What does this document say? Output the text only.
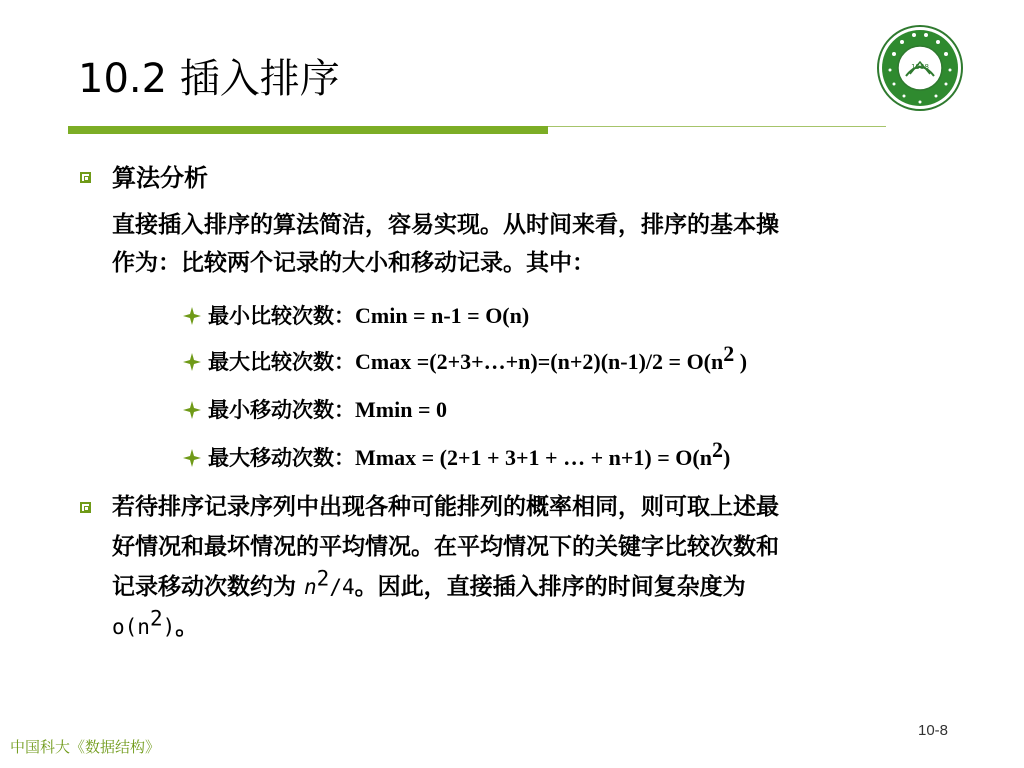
10.2 插入排序	1958
算法分析
直接插入排序的算法简洁，容易实现。从时间来看，排序的基本操
作为：比较两个记录的大小和移动记录。其中：
最小比较次数：Cmin = n-1 = O(n)
最大比较次数：Cmax =(2+3+…+n)=(n+2)(n-1)/2 = $O(n^2$ )
最小移动次数：Mmin = 0
最大移动次数：Mmax = (2+1 + 3+1 + … + $n+1) = O(n^2)$
若待排序记录序列中出现各种可能排列的概率相同，则可取上述最
好情况和最坏情况的平均情况。在平均情况下的关键字比较次数和
记录移动次数约为 $n^2/4$。因此，直接插入排序的时间复杂度为
$o(n^2)$。
10-8
中国科大《数据结构》
